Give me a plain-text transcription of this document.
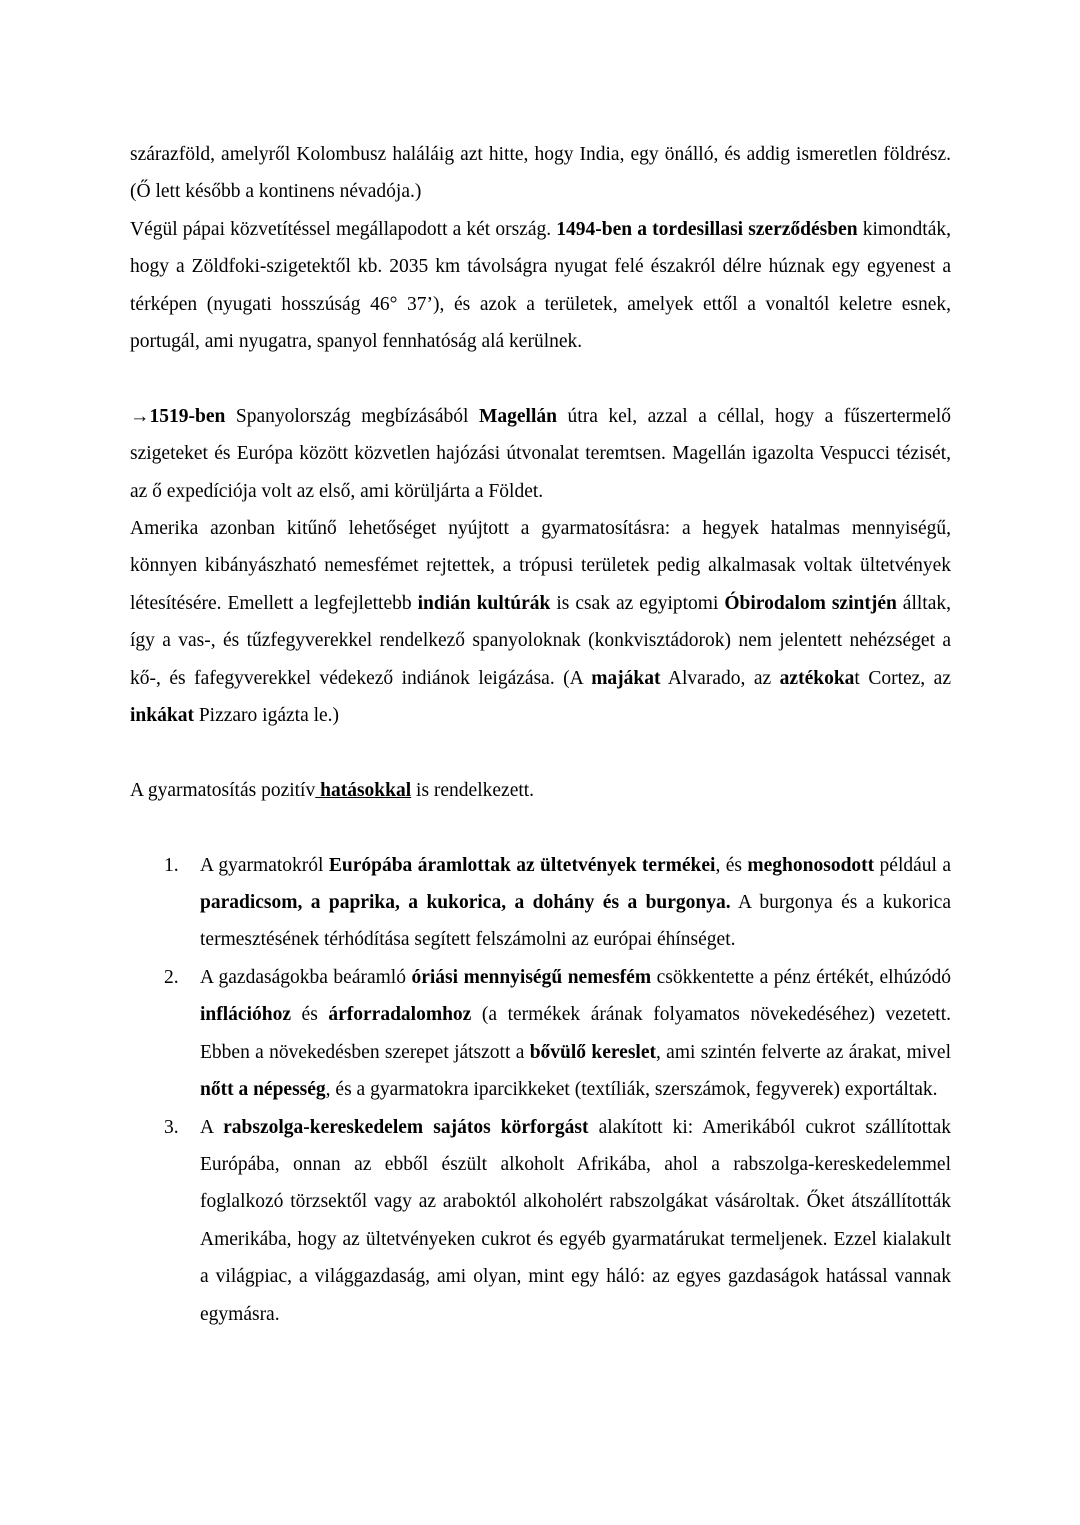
szárazföld, amelyről Kolombusz haláláig azt hitte, hogy India, egy önálló, és addig ismeretlen földrész. (Ő lett később a kontinens névadója.)

Végül pápai közvetítéssel megállapodott a két ország. 1494-ben a tordesillasi szerződésben kimondták, hogy a Zöldfoki-szigetektől kb. 2035 km távolságra nyugat felé északról délre húznak egy egyenest a térképen (nyugati hosszúság 46° 37’), és azok a területek, amelyek ettől a vonaltól keletre esnek, portugál, ami nyugatra, spanyol fennhatóság alá kerülnek.

→1519-ben Spanyolország megbízásából Magellán útra kel, azzal a céllal, hogy a fűszertermelő szigeteket és Európa között közvetlen hajózási útvonalat teremtsen. Magellán igazolta Vespucci tézisét, az ő expedíciója volt az első, ami körüljárta a Földet.

Amerika azonban kitűnő lehetőséget nyújtott a gyarmatosításra: a hegyek hatalmas mennyiségű, könnyen kibányászható nemesfémet rejtettek, a trópusi területek pedig alkalmasak voltak ültetvények létesítésére. Emellett a legfejlettebb indián kultúrák is csak az egyiptomi Óbirodalom szintjén álltak, így a vas-, és tűzfegyverekkel rendelkező spanyoloknak (konkvisztádorok) nem jelentett nehézséget a kő-, és fafegyverekkel védekező indiánok leigázása. (A majákat Alvarado, az aztékokat Cortez, az inkákat Pizzaro igázta le.)

A gyarmatosítás pozitív hatásokkal is rendelkezett.

1. A gyarmatokról Európába áramlottak az ültetvények termékei, és meghonosodott például a paradicsom, a paprika, a kukorica, a dohány és a burgonya. A burgonya és a kukorica termesztésének térhódítása segített felszámolni az európai éhínséget.
2. A gazdaságokba beáramló óriási mennyiségű nemesfém csökkentette a pénz értékét, elhúzódó inflációhoz és árforradalomhoz (a termékek árának folyamatos növekedéséhez) vezetett. Ebben a növekedésben szerepet játszott a bővülő kereslet, ami szintén felverte az árakat, mivel nőtt a népesség, és a gyarmatokra iparcikkeket (textíliák, szerszámok, fegyverek) exportáltak.
3. A rabszolga-kereskedelem sajátos körforgást alakított ki: Amerikából cukrot szállítottak Európába, onnan az ebből észült alkoholt Afrikába, ahol a rabszolga-kereskedelemmel foglalkozó törzsektől vagy az araboktól alkoholért rabszolgákat vásároltak. Őket átszállították Amerikába, hogy az ültetvényeken cukrot és egyéb gyarmatárukat termeljenek. Ezzel kialakult a világpiac, a világgazdaság, ami olyan, mint egy háló: az egyes gazdaságok hatással vannak egymásra.
